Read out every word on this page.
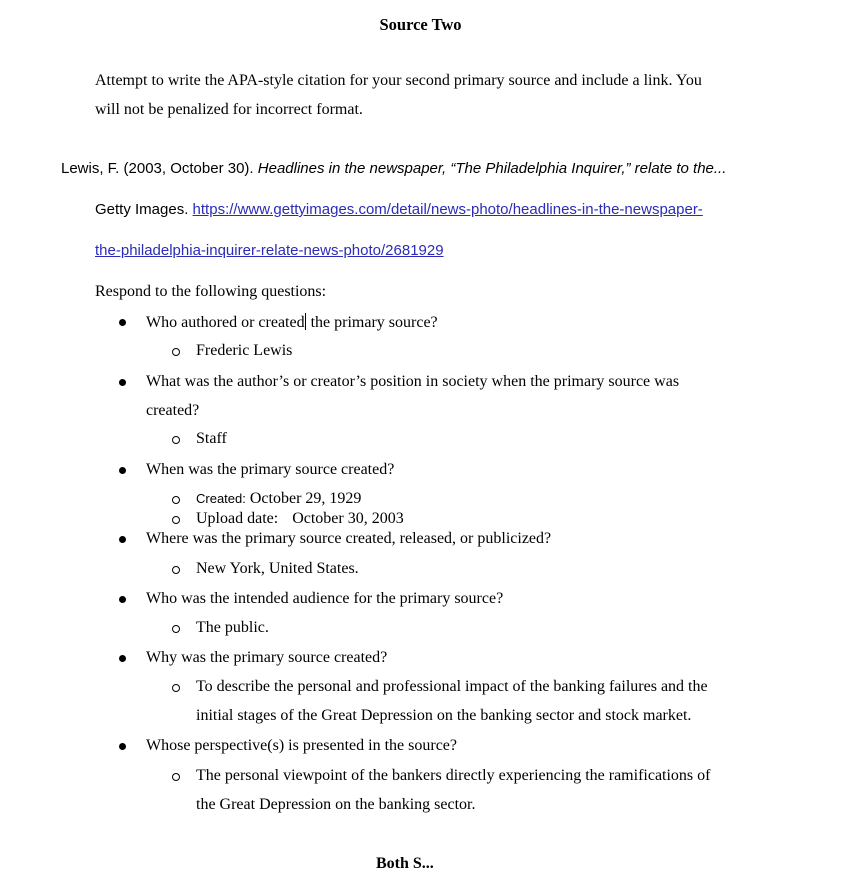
Source Two
Attempt to write the APA-style citation for your second primary source and include a link. You
will not be penalized for incorrect format.
Lewis, F. (2003, October 30). Headlines in the newspaper, “The Philadelphia Inquirer,” relate to the...
Getty Images. https://www.gettyimages.com/detail/news-photo/headlines-in-the-newspaper-
the-philadelphia-inquirer-relate-news-photo/2681929
Respond to the following questions:
Who authored or created the primary source?
Frederic Lewis
What was the author’s or creator’s position in society when the primary source was
created?
Staff
When was the primary source created?
Created: October 29, 1929
Upload date: October 30, 2003
Where was the primary source created, released, or publicized?
New York, United States.
Who was the intended audience for the primary source?
The public.
Why was the primary source created?
To describe the personal and professional impact of the banking failures and the
initial stages of the Great Depression on the banking sector and stock market.
Whose perspective(s) is presented in the source?
The personal viewpoint of the bankers directly experiencing the ramifications of
the Great Depression on the banking sector.
Both S...
